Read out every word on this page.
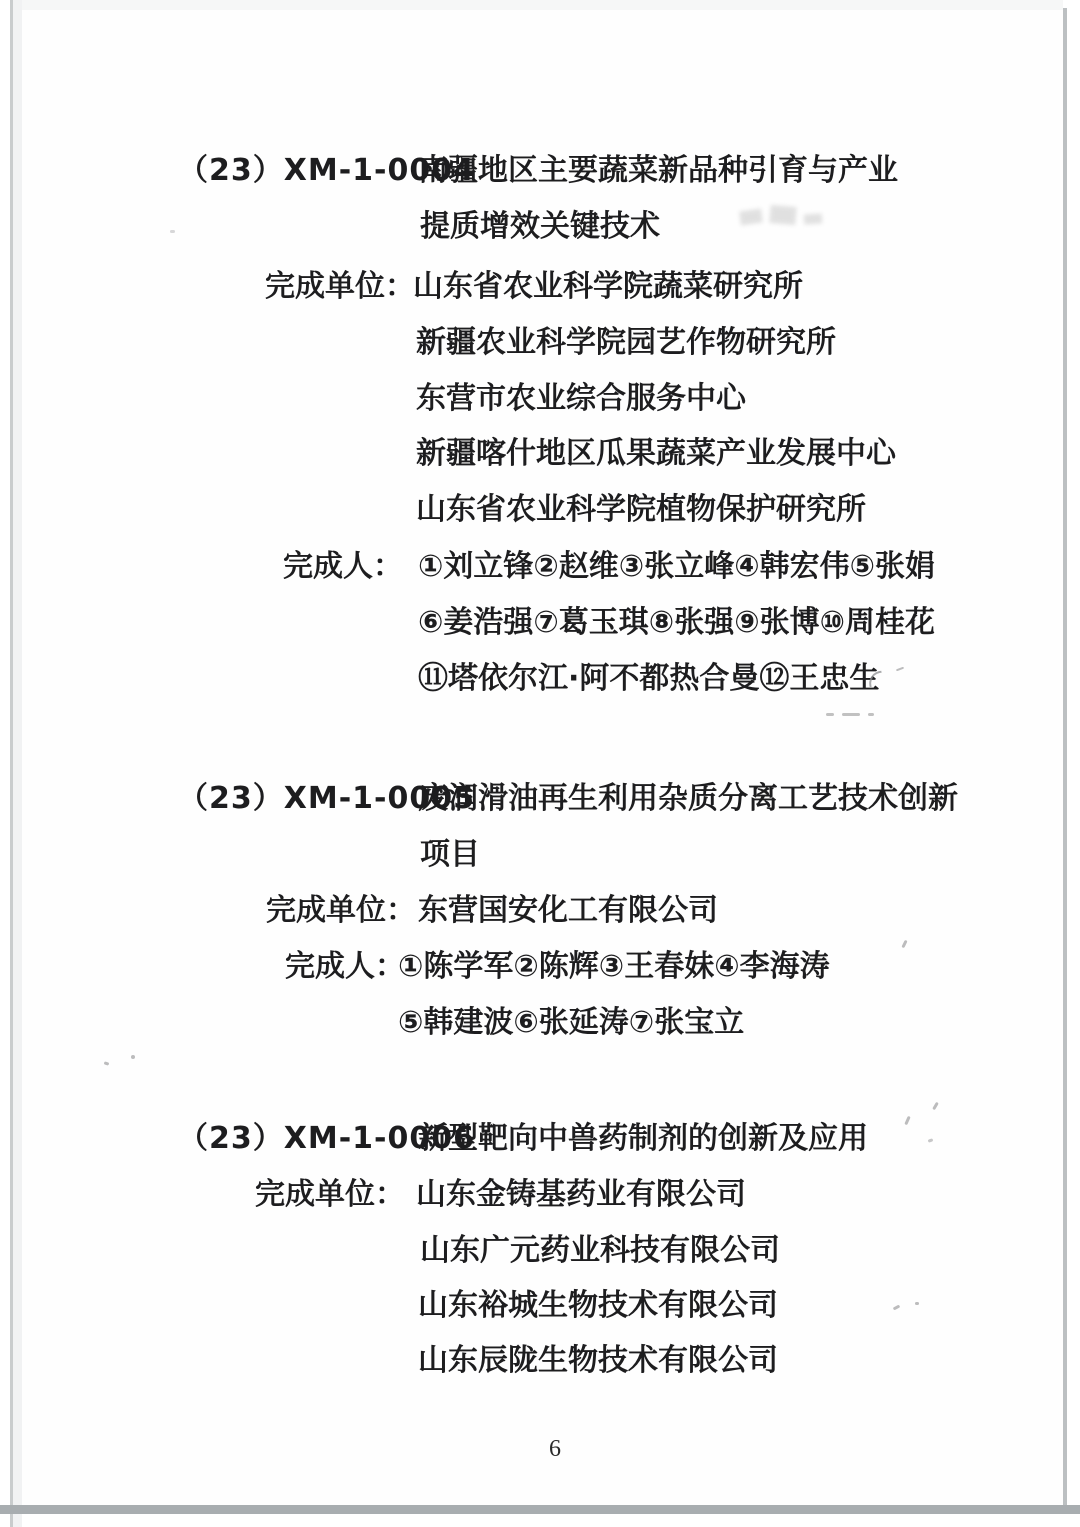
（23）XM-1-0004
南疆地区主要蔬菜新品种引育与产业
提质增效关键技术
完成单位：
山东省农业科学院蔬菜研究所
新疆农业科学院园艺作物研究所
东营市农业综合服务中心
新疆喀什地区瓜果蔬菜产业发展中心
山东省农业科学院植物保护研究所
完成人： ①刘立锋②赵维③张立峰④韩宏伟⑤张娟
⑥姜浩强⑦葛玉琪⑧张强⑨张博⑩周桂花
⑪塔依尔江·阿不都热合曼⑫王忠生
（23）XM-1-0005
废润滑油再生利用杂质分离工艺技术创新
项目
完成单位： 东营国安化工有限公司
完成人：
①陈学军②陈辉③王春妹④李海涛
⑤韩建波⑥张延涛⑦张宝立
（23）XM-1-0006
新型靶向中兽药制剂的创新及应用
完成单位： 山东金铸基药业有限公司
山东广元药业科技有限公司
山东裕城生物技术有限公司
山东辰陇生物技术有限公司
6
